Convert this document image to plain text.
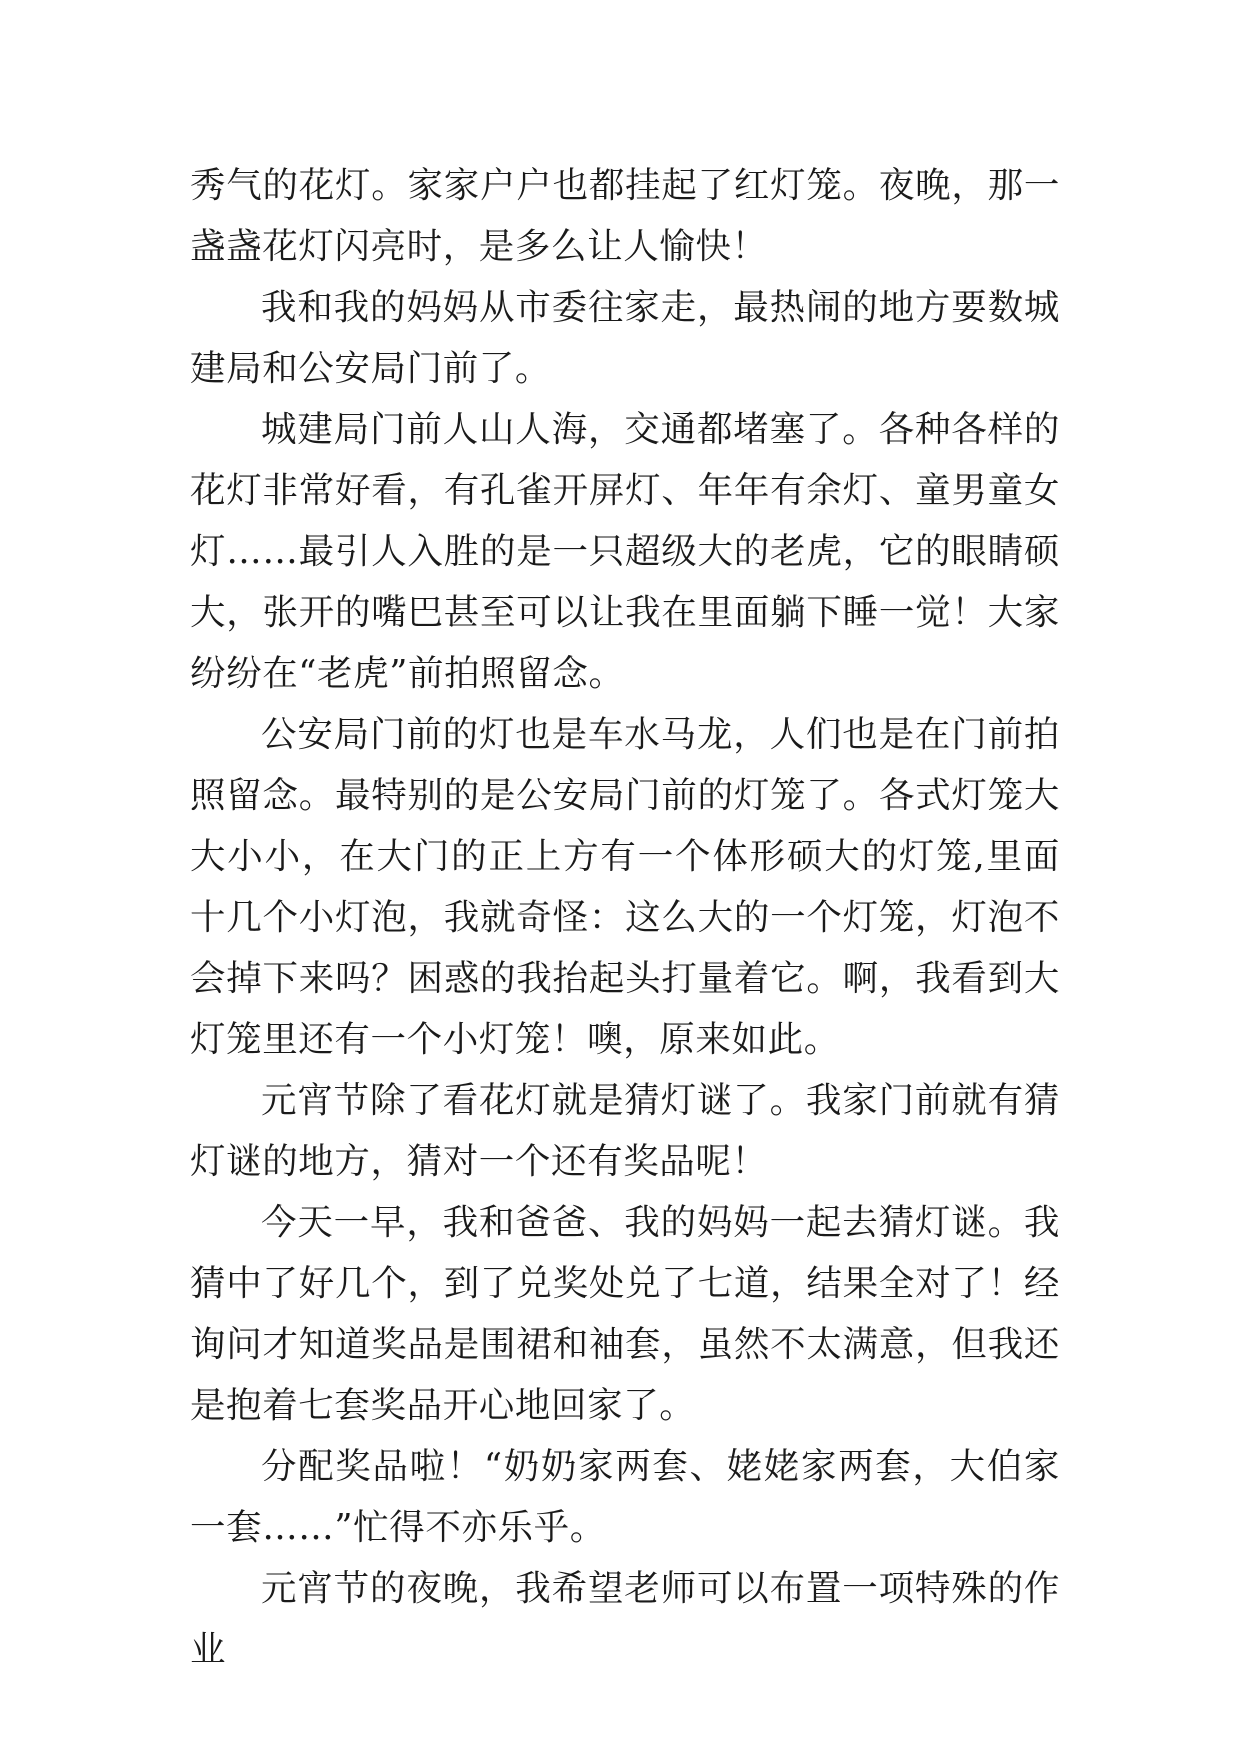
秀气的花灯。家家户户也都挂起了红灯笼。夜晚，那一盏盏花灯闪亮时，是多么让人愉快！

我和我的妈妈从市委往家走，最热闹的地方要数城建局和公安局门前了。

城建局门前人山人海，交通都堵塞了。各种各样的花灯非常好看，有孔雀开屏灯、年年有余灯、童男童女灯……最引人入胜的是一只超级大的老虎，它的眼睛硕大，张开的嘴巴甚至可以让我在里面躺下睡一觉！大家纷纷在“老虎”前拍照留念。

公安局门前的灯也是车水马龙，人们也是在门前拍照留念。最特别的是公安局门前的灯笼了。各式灯笼大大小小，在大门的正上方有一个体形硕大的灯笼,里面十几个小灯泡，我就奇怪：这么大的一个灯笼，灯泡不会掉下来吗？困惑的我抬起头打量着它。啊，我看到大灯笼里还有一个小灯笼！噢，原来如此。

元宵节除了看花灯就是猜灯谜了。我家门前就有猜灯谜的地方，猜对一个还有奖品呢！

今天一早，我和爸爸、我的妈妈一起去猜灯谜。我猜中了好几个，到了兑奖处兑了七道，结果全对了！经询问才知道奖品是围裙和袖套，虽然不太满意，但我还是抱着七套奖品开心地回家了。

分配奖品啦！“奶奶家两套、姥姥家两套，大伯家一套……”忙得不亦乐乎。

元宵节的夜晚，我希望老师可以布置一项特殊的作业
